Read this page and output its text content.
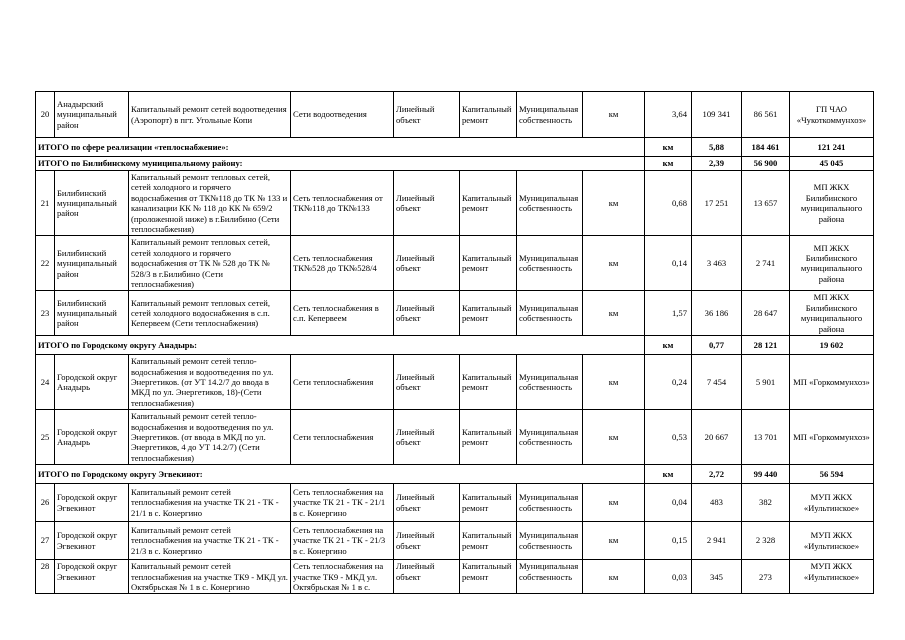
20	Анадырский муниципальный район	Капитальный ремонт сетей водоотведения (Аэропорт) в пгт. Угольные Копи	Сети водоотведения	Линейный объект	Капитальный ремонт	Муниципальная собственность	км	3,64	109 341	86 561	ГП ЧАО «Чукоткоммунхоз»	
ИТОГО по сфере реализации «теплоснабжение»:								км	5,88	184 461	121 241	
ИТОГО по Билибинскому муниципальному району:								км	2,39	56 900	45 045	
21	Билибинский муниципальный район	Капитальный ремонт тепловых сетей, сетей холодного и горячего водоснабжения от ТК№118 до ТК № 133 и канализации КК № 118 до КК № 659/2 (проложенной ниже) в г.Билибино (Сети теплоснабжения)	Сеть теплоснабжения от ТК№118 до ТК№133	Линейный объект	Капитальный ремонт	Муниципальная собственность	км	0,68	17 251	13 657	МП ЖКХ Билибинского муниципального района	
22	Билибинский муниципальный район	Капитальный ремонт тепловых сетей, сетей холодного и горячего водоснабжения от ТК № 528 до ТК № 528/3 в г.Билибино (Сети теплоснабжения)	Сеть теплоснабжения ТК№528 до ТК№528/4	Линейный объект	Капитальный ремонт	Муниципальная собственность	км	0,14	3 463	2 741	МП ЖКХ Билибинского муниципального района	
23	Билибинский муниципальный район	Капитальный ремонт тепловых сетей, сетей холодного водоснабжения в с.п. Кепервеем (Сети теплоснабжения)	Сеть теплоснабжения в с.п. Кепервеем	Линейный объект	Капитальный ремонт	Муниципальная собственность	км	1,57	36 186	28 647	МП ЖКХ Билибинского муниципального района	
ИТОГО по Городскому округу Анадырь:								км	0,77	28 121	19 602	
24	Городской округ Анадырь	Капитальный ремонт сетей тепло-водоснабжения и водоотведения по ул. Энергетиков. (от УТ 14.2/7 до ввода в МКД по ул. Энергетиков, 18)-(Сети теплоснабжения)	Сети теплоснабжения	Линейный объект	Капитальный ремонт	Муниципальная собственность	км	0,24	7 454	5 901	МП «Горкоммунхоз»	
25	Городской округ Анадырь	Капитальный ремонт сетей тепло-водоснабжения и водоотведения по ул. Энергетиков. (от ввода в МКД по ул. Энергетиков, 4 до УТ 14.2/7) (Сети теплоснабжения)	Сети теплоснабжения	Линейный объект	Капитальный ремонт	Муниципальная собственность	км	0,53	20 667	13 701	МП «Горкоммунхоз»	
ИТОГО по Городскому округу Эгвекинот:								км	2,72	99 440	56 594	
26	Городской округ Эгвекинот	Капитальный ремонт сетей теплоснабжения на участке ТК 21 - ТК - 21/1 в с. Конергино	Сеть теплоснабжения на участке ТК 21 - ТК - 21/1 в с. Конергино	Линейный объект	Капитальный ремонт	Муниципальная собственность	км	0,04	483	382	МУП ЖКХ «Иультинское»	
27	Городской округ Эгвекинот	Капитальный ремонт сетей теплоснабжения на участке ТК 21 - ТК - 21/3 в с. Конергино	Сеть теплоснабжения на участке ТК 21 - ТК - 21/3 в с. Конергино	Линейный объект	Капитальный ремонт	Муниципальная собственность	км	0,15	2 941	2 328	МУП ЖКХ «Иультинское»	
28	Городской округ Эгвекинот	Капитальный ремонт сетей теплоснабжения на участке ТК9 - МКД ул. Октябрьская № 1 в с. Конергино	Сеть теплоснабжения на участке ТК9 - МКД ул. Октябрьская № 1 в с.	Линейный объект	Капитальный ремонт	Муниципальная собственность	км	0,03	345	273	МУП ЖКХ «Иультинское»	
